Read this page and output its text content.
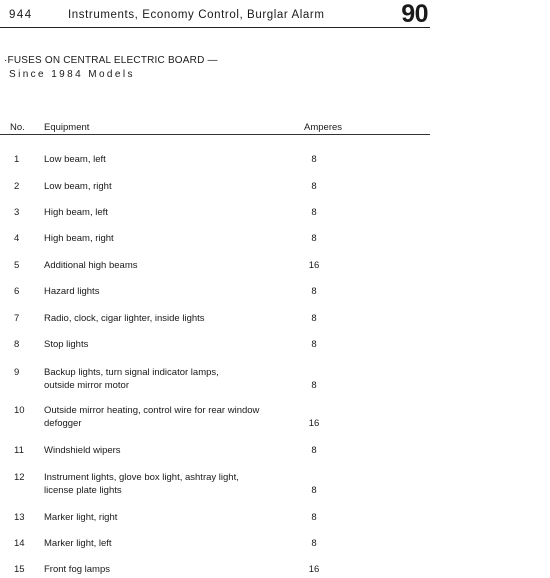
944	Instruments, Economy Control, Burglar Alarm	90
·FUSES ON CENTRAL ELECTRIC BOARD —
Since 1984 Models
No. Equipment	Amperes
1	Low beam, left	8
2	Low beam, right	8
3	High beam, left	8
4	High beam, right	8
5	Additional high beams	16
6	Hazard lights	8
7	Radio, clock, cigar lighter, inside lights	8
8	Stop lights	8
9	Backup lights, turn signal indicator lamps,
outside mirror motor	8
10	Outside mirror heating, control wire for rear window
defogger	16
11	Windshield wipers	8
12	Instrument lights, glove box light, ashtray light,
license plate lights	8
13	Marker light, right	8
14	Marker light, left	8
15	Front fog lamps	16
